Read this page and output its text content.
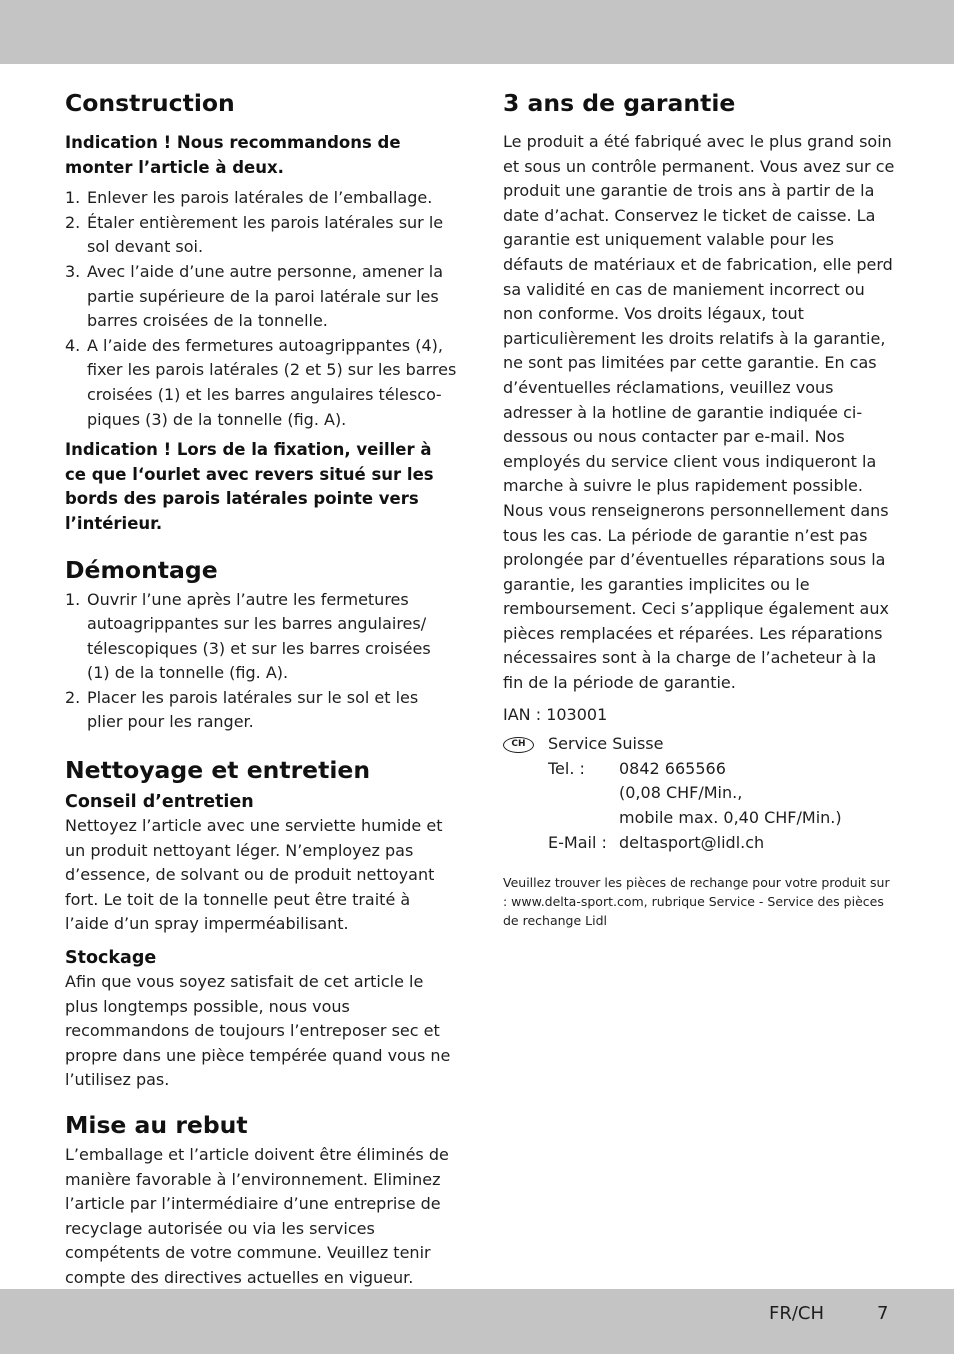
Construction

Indication ! Nous recommandons de monter l’article à deux.

1. Enlever les parois latérales de l’emballage.
2. Étaler entièrement les parois latérales sur le sol devant soi.
3. Avec l’aide d’une autre personne, amener la partie supérieure de la paroi latérale sur les barres croisées de la tonnelle.
4. A l’aide des fermetures autoagrippantes (4), fixer les parois latérales (2 et 5) sur les barres croisées (1) et les barres angulaires télescopiques (3) de la tonnelle (fig. A).

Indication ! Lors de la fixation, veiller à ce que l‘ourlet avec revers situé sur les bords des parois latérales pointe vers l’intérieur.

Démontage
1. Ouvrir l’une après l’autre les fermetures autoagrippantes sur les barres angulaires/ télescopiques (3) et sur les barres croisées (1) de la tonnelle (fig. A).
2. Placer les parois latérales sur le sol et les plier pour les ranger.
Nettoyage et entretien
Conseil d’entretien

Nettoyez l’article avec une serviette humide et un produit nettoyant léger. N’employez pas d’essence, de solvant ou de produit nettoyant fort. Le toit de la tonnelle peut être traité à l’aide d’un spray imperméabilisant.

Stockage

Afin que vous soyez satisfait de cet article le plus longtemps possible, nous vous recommandons de toujours l’entreposer sec et propre dans une pièce tempérée quand vous ne l’utilisez pas.

Mise au rebut

L’emballage et l’article doivent être éliminés de manière favorable à l’environnement. Eliminez l’article par l’intermédiaire d’une entreprise de recyclage autorisée ou via les services compétents de votre commune. Veuillez tenir compte des directives actuelles en vigueur.

3 ans de garantie

Le produit a été fabriqué avec le plus grand soin et sous un contrôle permanent. Vous avez sur ce produit une garantie de trois ans à partir de la date d’achat. Conservez le ticket de caisse. La garantie est uniquement valable pour les défauts de matériaux et de fabrication, elle perd sa validité en cas de maniement incorrect ou non conforme. Vos droits légaux, tout particulièrement les droits relatifs à la garantie, ne sont pas limitées par cette garantie. En cas d’éventuelles réclamations, veuillez vous adresser à la hotline de garantie indiquée ci-dessous ou nous contacter par e-mail. Nos employés du service client vous indiqueront la marche à suivre le plus rapidement possible. Nous vous renseignerons personnellement dans tous les cas. La période de garantie n’est pas prolongée par d’éventuelles réparations sous la garantie, les garanties implicites ou le remboursement. Ceci s’applique également aux pièces remplacées et réparées. Les réparations nécessaires sont à la charge de l’acheteur à la fin de la période de garantie.

IAN : 103001

CH	Service Suisse
Tel. :	0842 665566
(0,08 CHF/Min.,
mobile max. 0,40 CHF/Min.)
E-Mail : deltasport@lidl.ch

Veuillez trouver les pièces de rechange pour votre produit sur : www.delta-sport.com, rubrique Service - Service des pièces de rechange Lidl

FR/CH	7
